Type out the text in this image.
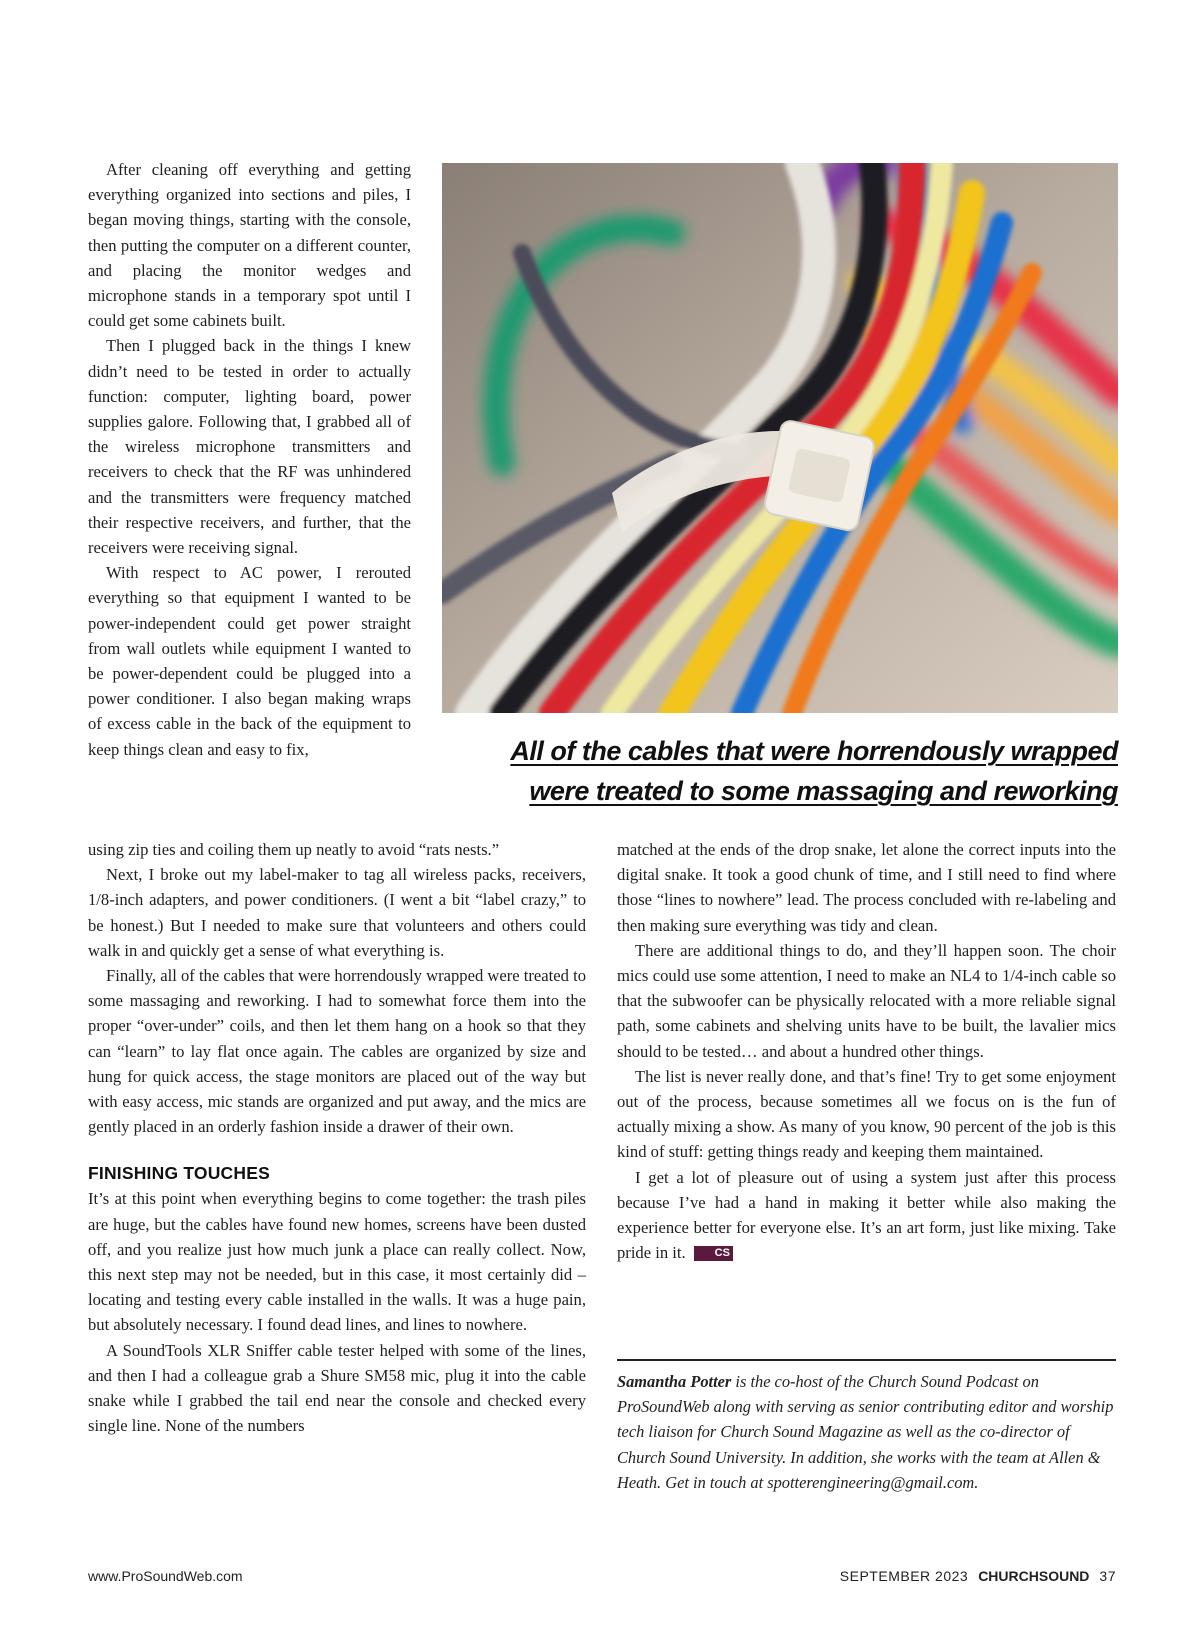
After cleaning off everything and getting everything organized into sections and piles, I began moving things, starting with the console, then putting the computer on a different counter, and placing the monitor wedges and microphone stands in a temporary spot until I could get some cabinets built.

Then I plugged back in the things I knew didn’t need to be tested in order to actually function: computer, lighting board, power supplies galore. Following that, I grabbed all of the wireless microphone transmitters and receivers to check that the RF was unhindered and the transmitters were frequency matched their respective receivers, and further, that the receivers were receiving signal.

With respect to AC power, I rerouted everything so that equipment I wanted to be power-independent could get power straight from wall outlets while equipment I wanted to be power-dependent could be plugged into a power conditioner. I also began making wraps of excess cable in the back of the equipment to keep things clean and easy to fix,	All of the cables that were horrendously wrapped
were treated to some massaging and reworking

using zip ties and coiling them up neatly to avoid “rats nests.”

Next, I broke out my label-maker to tag all wireless packs, receivers, 1/8-inch adapters, and power conditioners. (I went a bit “label crazy,” to be honest.) But I needed to make sure that volunteers and others could walk in and quickly get a sense of what everything is.

Finally, all of the cables that were horrendously wrapped were treated to some massaging and reworking. I had to somewhat force them into the proper “over-under” coils, and then let them hang on a hook so that they can “learn” to lay flat once again. The cables are organized by size and hung for quick access, the stage monitors are placed out of the way but with easy access, mic stands are organized and put away, and the mics are gently placed in an orderly fashion inside a drawer of their own.

FINISHING TOUCHES

It’s at this point when everything begins to come together: the trash piles are huge, but the cables have found new homes, screens have been dusted off, and you realize just how much junk a place can really collect. Now, this next step may not be needed, but in this case, it most certainly did – locating and testing every cable installed in the walls. It was a huge pain, but absolutely necessary. I found dead lines, and lines to nowhere.

A SoundTools XLR Sniffer cable tester helped with some of the lines, and then I had a colleague grab a Shure SM58 mic, plug it into the cable snake while I grabbed the tail end near the console and checked every single line. None of the numbers

matched at the ends of the drop snake, let alone the correct inputs into the digital snake. It took a good chunk of time, and I still need to find where those “lines to nowhere” lead. The process concluded with re-labeling and then making sure everything was tidy and clean.

There are additional things to do, and they’ll happen soon. The choir mics could use some attention, I need to make an NL4 to 1/4-inch cable so that the subwoofer can be physically relocated with a more reliable signal path, some cabinets and shelving units have to be built, the lavalier mics should to be tested… and about a hundred other things.

The list is never really done, and that’s fine! Try to get some enjoyment out of the process, because sometimes all we focus on is the fun of actually mixing a show. As many of you know, 90 percent of the job is this kind of stuff: getting things ready and keeping them maintained.

I get a lot of pleasure out of using a system just after this process because I’ve had a hand in making it better while also making the experience better for everyone else. It’s an art form, just like mixing. Take pride in it.	CS

Samantha Potter is the co-host of the Church Sound Podcast on ProSoundWeb along with serving as senior contributing editor and worship tech liaison for Church Sound Magazine as well as the co-director of Church Sound University. In addition, she works with the team at Allen & Heath. Get in touch at spotterengineering@gmail.com.
www.ProSoundWeb.com	SEPTEMBER 2023 CHURCHSOUND 37
